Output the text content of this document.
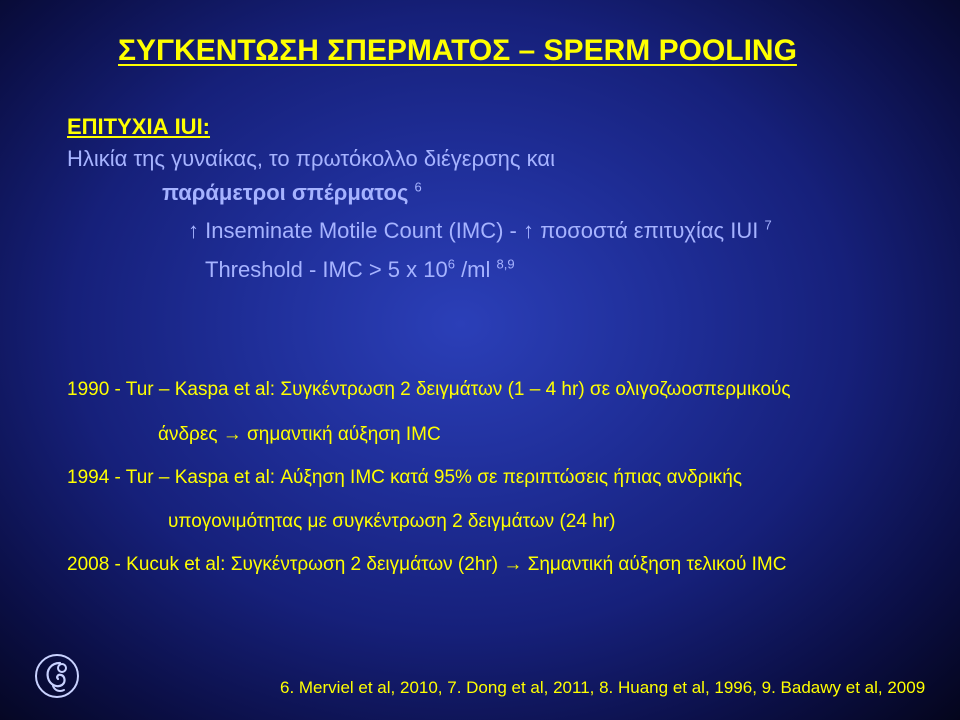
ΣΥΓΚΕΝΤΩΣΗ ΣΠΕΡΜΑΤΟΣ – SPERM POOLING
ΕΠΙΤΥΧΙΑ IUI:
Ηλικία της γυναίκας, το πρωτόκολλο διέγερσης και
παράμετροι σπέρματος $^6$
↑ Inseminate Motile Count (IMC) - ↑ ποσοστά επιτυχίας IUI $^7$
Threshold - IMC > 5 x $10^6$ /ml $^{8,9}$
1990 - Tur – Kaspa et al: Συγκέντρωση 2 δειγμάτων (1 – 4 hr) σε ολιγοζωοσπερμικούς
άνδρες → σημαντική αύξηση IMC
1994 - Tur – Kaspa et al: Αύξηση IMC κατά 95% σε περιπτώσεις ήπιας ανδρικής
υπογονιμότητας με συγκέντρωση 2 δειγμάτων (24 hr)
2008 - Kucuk et al: Συγκέντρωση 2 δειγμάτων (2hr) → Σημαντική αύξηση τελικού IMC
6. Merviel et al, 2010, 7. Dong et al, 2011, 8. Huang et al, 1996, 9. Badawy et al, 2009
